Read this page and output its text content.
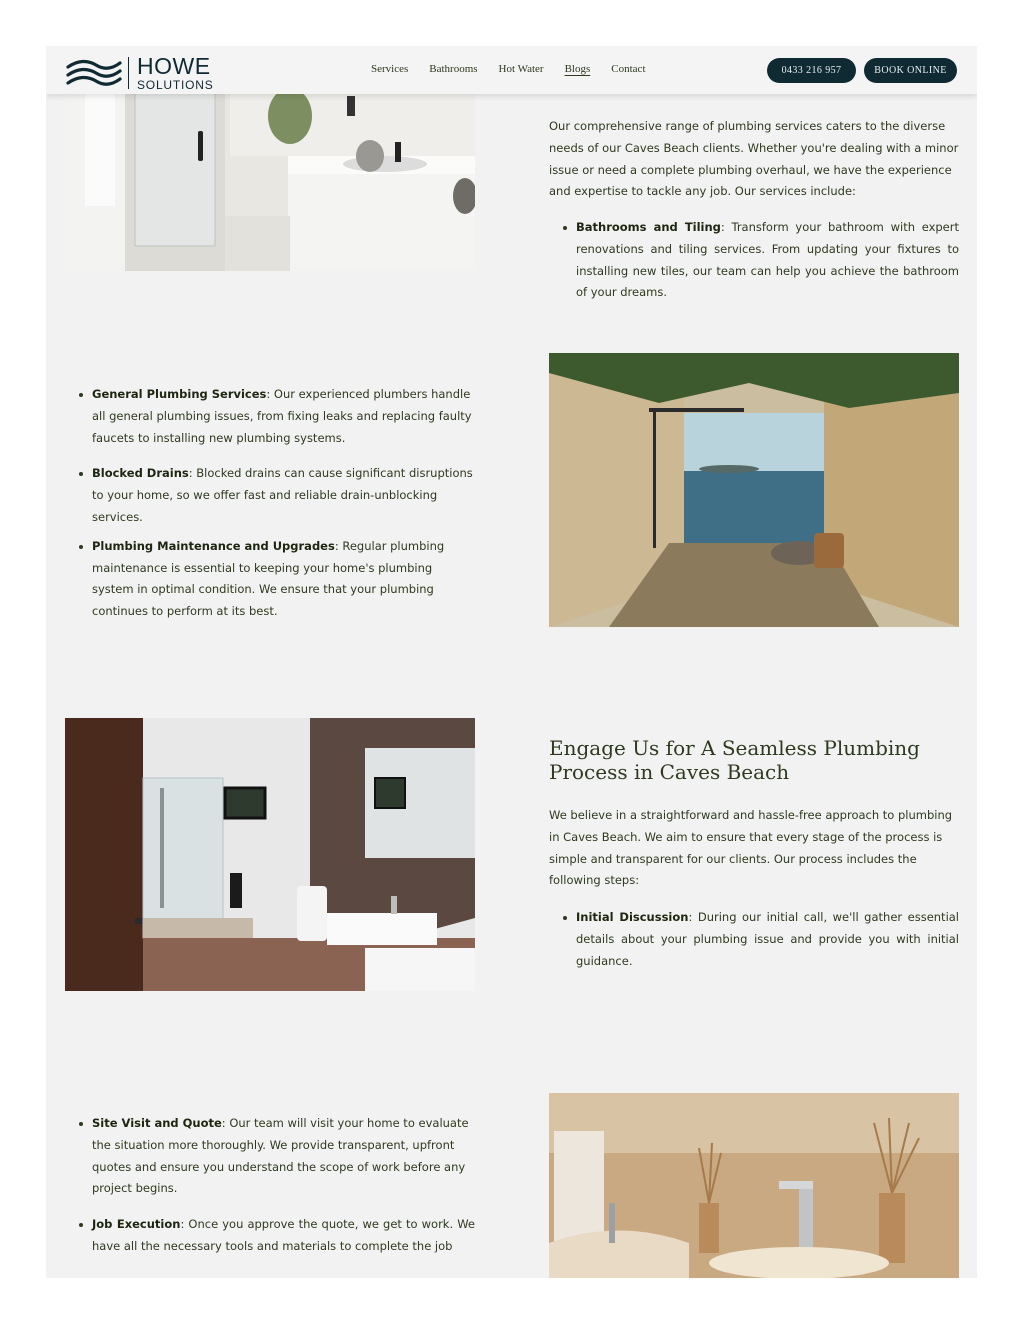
HOWE
SOLUTIONS
Services Bathrooms Hot Water Blogs Contact	0433 216 957	BOOK ONLINE
Our comprehensive range of plumbing services caters to the diverse needs of our Caves Beach clients. Whether you're dealing with a minor issue or need a complete plumbing overhaul, we have the experience and expertise to tackle any job. Our services include:
Bathrooms and Tiling: Transform your bathroom with expert renovations and tiling services. From updating your fixtures to installing new tiles, our team can help you achieve the bathroom of your dreams.
General Plumbing Services: Our experienced plumbers handle all general plumbing issues, from fixing leaks and replacing faulty faucets to installing new plumbing systems.
Blocked Drains: Blocked drains can cause significant disruptions to your home, so we offer fast and reliable drain-unblocking services.
Plumbing Maintenance and Upgrades: Regular plumbing maintenance is essential to keeping your home's plumbing system in optimal condition. We ensure that your plumbing continues to perform at its best.
Engage Us for A Seamless Plumbing Process in Caves Beach
We believe in a straightforward and hassle-free approach to plumbing in Caves Beach. We aim to ensure that every stage of the process is simple and transparent for our clients. Our process includes the following steps:
Initial Discussion: During our initial call, we'll gather essential details about your plumbing issue and provide you with initial guidance.
Site Visit and Quote: Our team will visit your home to evaluate the situation more thoroughly. We provide transparent, upfront quotes and ensure you understand the scope of work before any project begins.
Job Execution: Once you approve the quote, we get to work. We have all the necessary tools and materials to complete the job
